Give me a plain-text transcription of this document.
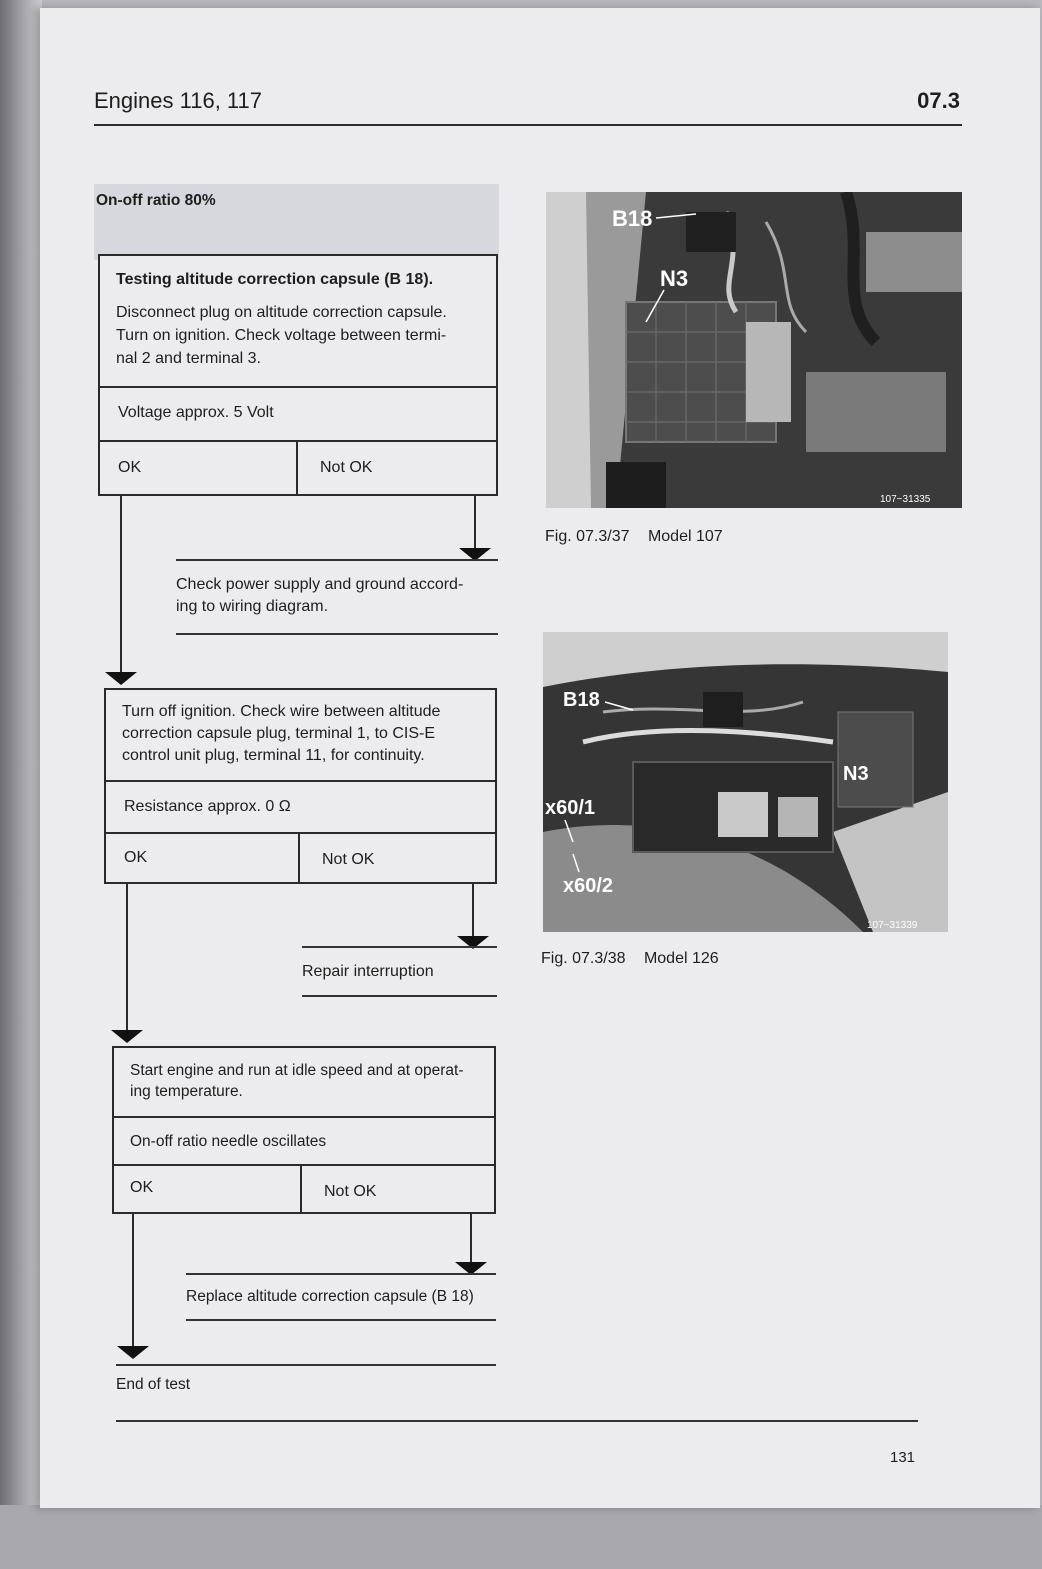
Engines 116, 117	07.3
On-off ratio 80%
Testing altitude correction capsule (B 18).
Disconnect plug on altitude correction capsule.
Turn on ignition. Check voltage between termi-
nal 2 and terminal 3.
Voltage approx. 5 Volt
OK	Not OK
Check power supply and ground accord-
ing to wiring diagram.
Turn off ignition. Check wire between altitude
correction capsule plug, terminal 1, to CIS-E
control unit plug, terminal 11, for continuity.
Resistance approx. 0 Ω
OK	Not OK
Repair interruption
Start engine and run at idle speed and at operat-
ing temperature.
On-off ratio needle oscillates
OK	Not OK
Replace altitude correction capsule (B 18)
End of test
131
B18
N3
107−31335
Fig. 07.3/37 Model 107
B18
N3
x60/1
x60/2
107−31339
Fig. 07.3/38 Model 126
